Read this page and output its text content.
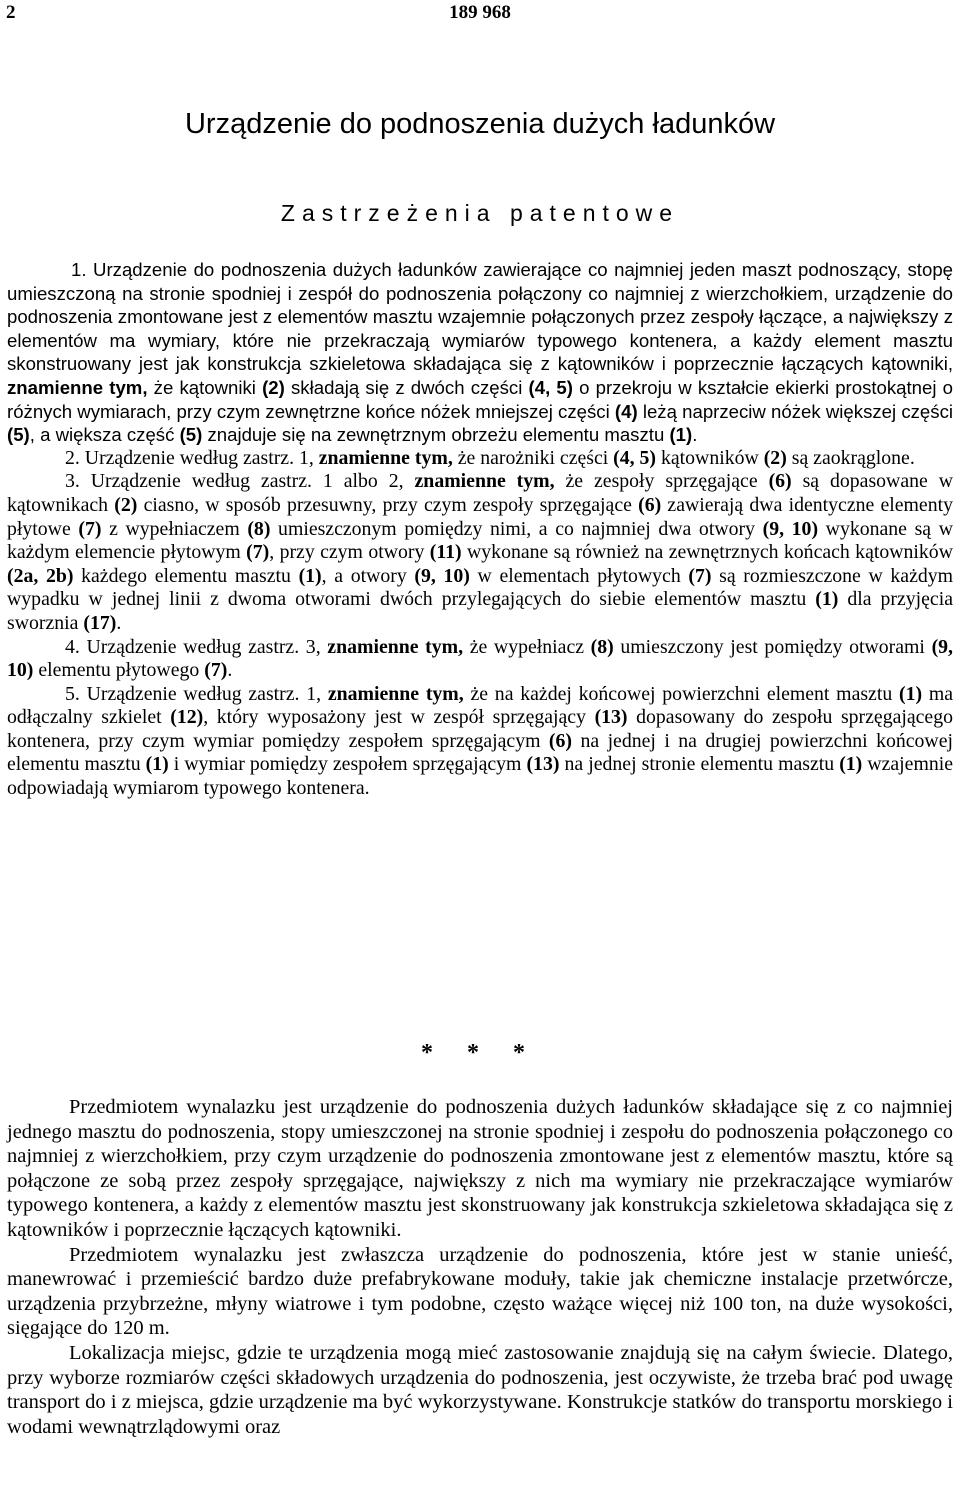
2	189 968
Urządzenie do podnoszenia dużych ładunków
Zastrzeżenia patentowe

1. Urządzenie do podnoszenia dużych ładunków zawierające co najmniej jeden maszt podnoszący, stopę umieszczoną na stronie spodniej i zespół do podnoszenia połączony co najmniej z wierzchołkiem, urządzenie do podnoszenia zmontowane jest z elementów masztu wzajemnie połączonych przez zespoły łączące, a największy z elementów ma wymiary, które nie przekraczają wymiarów typowego kontenera, a każdy element masztu skonstruowany jest jak konstrukcja szkieletowa składająca się z kątowników i poprzecznie łączących kątowniki, znamienne tym, że kątowniki (2) składają się z dwóch części (4, 5) o przekroju w kształcie ekierki prostokątnej o różnych wymiarach, przy czym zewnętrzne końce nóżek mniejszej części (4) leżą naprzeciw nóżek większej części (5), a większa część (5) znajduje się na zewnętrznym obrzeżu elementu masztu (1).

2. Urządzenie według zastrz. 1, znamienne tym, że narożniki części (4, 5) kątowników (2) są zaokrąglone.

3. Urządzenie według zastrz. 1 albo 2, znamienne tym, że zespoły sprzęgające (6) są dopasowane w kątownikach (2) ciasno, w sposób przesuwny, przy czym zespoły sprzęgające (6) zawierają dwa identyczne elementy płytowe (7) z wypełniaczem (8) umieszczonym pomiędzy nimi, a co najmniej dwa otwory (9, 10) wykonane są w każdym elemencie płytowym (7), przy czym otwory (11) wykonane są również na zewnętrznych końcach kątowników (2a, 2b) każdego elementu masztu (1), a otwory (9, 10) w elementach płytowych (7) są rozmieszczone w każdym wypadku w jednej linii z dwoma otworami dwóch przylegających do siebie elementów masztu (1) dla przyjęcia sworznia (17).

4. Urządzenie według zastrz. 3, znamienne tym, że wypełniacz (8) umieszczony jest pomiędzy otworami (9, 10) elementu płytowego (7).

5. Urządzenie według zastrz. 1, znamienne tym, że na każdej końcowej powierzchni element masztu (1) ma odłączalny szkielet (12), który wyposażony jest w zespół sprzęgający (13) dopasowany do zespołu sprzęgającego kontenera, przy czym wymiar pomiędzy zespołem sprzęgającym (6) na jednej i na drugiej powierzchni końcowej elementu masztu (1) i wymiar pomiędzy zespołem sprzęgającym (13) na jednej stronie elementu masztu (1) wzajemnie odpowiadają wymiarom typowego kontenera.

* * *

Przedmiotem wynalazku jest urządzenie do podnoszenia dużych ładunków składające się z co najmniej jednego masztu do podnoszenia, stopy umieszczonej na stronie spodniej i zespołu do podnoszenia połączonego co najmniej z wierzchołkiem, przy czym urządzenie do podnoszenia zmontowane jest z elementów masztu, które są połączone ze sobą przez zespoły sprzęgające, największy z nich ma wymiary nie przekraczające wymiarów typowego kontenera, a każdy z elementów masztu jest skonstruowany jak konstrukcja szkieletowa składająca się z kątowników i poprzecznie łączących kątowniki.

Przedmiotem wynalazku jest zwłaszcza urządzenie do podnoszenia, które jest w stanie unieść, manewrować i przemieścić bardzo duże prefabrykowane moduły, takie jak chemiczne instalacje przetwórcze, urządzenia przybrzeżne, młyny wiatrowe i tym podobne, często ważące więcej niż 100 ton, na duże wysokości, sięgające do 120 m.

Lokalizacja miejsc, gdzie te urządzenia mogą mieć zastosowanie znajdują się na całym świecie. Dlatego, przy wyborze rozmiarów części składowych urządzenia do podnoszenia, jest oczywiste, że trzeba brać pod uwagę transport do i z miejsca, gdzie urządzenie ma być wykorzystywane. Konstrukcje statków do transportu morskiego i wodami wewnątrzlądowymi oraz
